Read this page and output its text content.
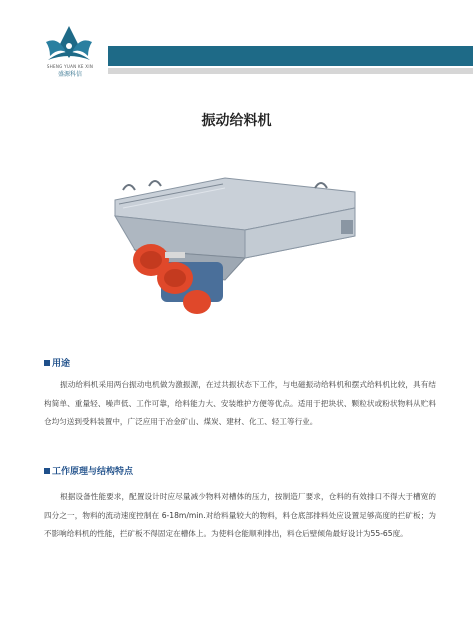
SHENG YUAN KE XIN
盛源科信
振动给料机
用途
振动给料机采用两台振动电机做为激振源，在过共振状态下工作，与电磁振动给料机和摆式给料机比较，具有结构简单、重量轻、噪声低、工作可靠，给料能力大、安装维护方便等优点。适用于把块状、颗粒状或粉状物料从贮料仓均匀送到受料装置中，广泛应用于冶金矿山、煤炭、建材、化工、轻工等行业。
工作原理与结构特点
根据设备性能要求，配置设计时应尽量减少物料对槽体的压力，按制造厂要求，仓料的有效排口不得大于槽宽的四分之一，物料的流动速度控制在 6-18m/min.对给料量较大的物料，料仓底部排料处应设置足够高度的拦矿板；为不影响给料机的性能，拦矿板不得固定在槽体上。为使料仓能顺利排出，料仓后壁倾角最好设计为55-65度。
